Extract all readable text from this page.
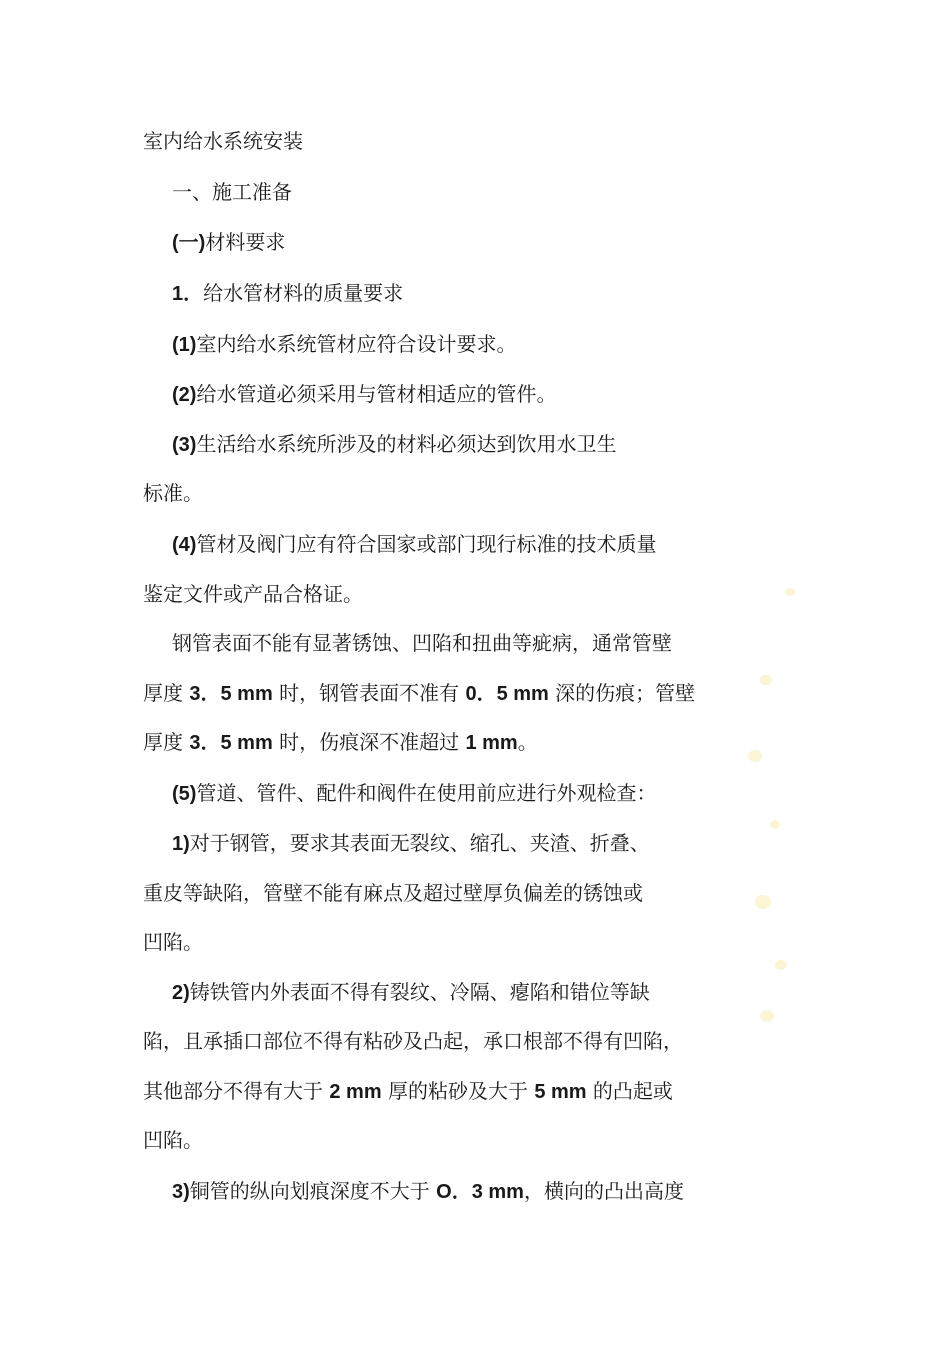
室内给水系统安装
一、施工准备
(一)材料要求
1．给水管材料的质量要求
(1)室内给水系统管材应符合设计要求。
(2)给水管道必须采用与管材相适应的管件。
(3)生活给水系统所涉及的材料必须达到饮用水卫生
标准。
(4)管材及阀门应有符合国家或部门现行标准的技术质量
鉴定文件或产品合格证。
钢管表面不能有显著锈蚀、凹陷和扭曲等疵病，通常管壁
厚度 3．5 mm 时，钢管表面不准有 0．5 mm 深的伤痕；管壁
厚度 3．5 mm 时，伤痕深不准超过 1 mm。
(5)管道、管件、配件和阀件在使用前应进行外观检查：
1)对于钢管，要求其表面无裂纹、缩孔、夹渣、折叠、
重皮等缺陷，管壁不能有麻点及超过壁厚负偏差的锈蚀或
凹陷。
2)铸铁管内外表面不得有裂纹、冷隔、瘪陷和错位等缺
陷，且承插口部位不得有粘砂及凸起，承口根部不得有凹陷，
其他部分不得有大于 2 mm 厚的粘砂及大于 5 mm 的凸起或
凹陷。
3)铜管的纵向划痕深度不大于 O．3 mm，横向的凸出高度
